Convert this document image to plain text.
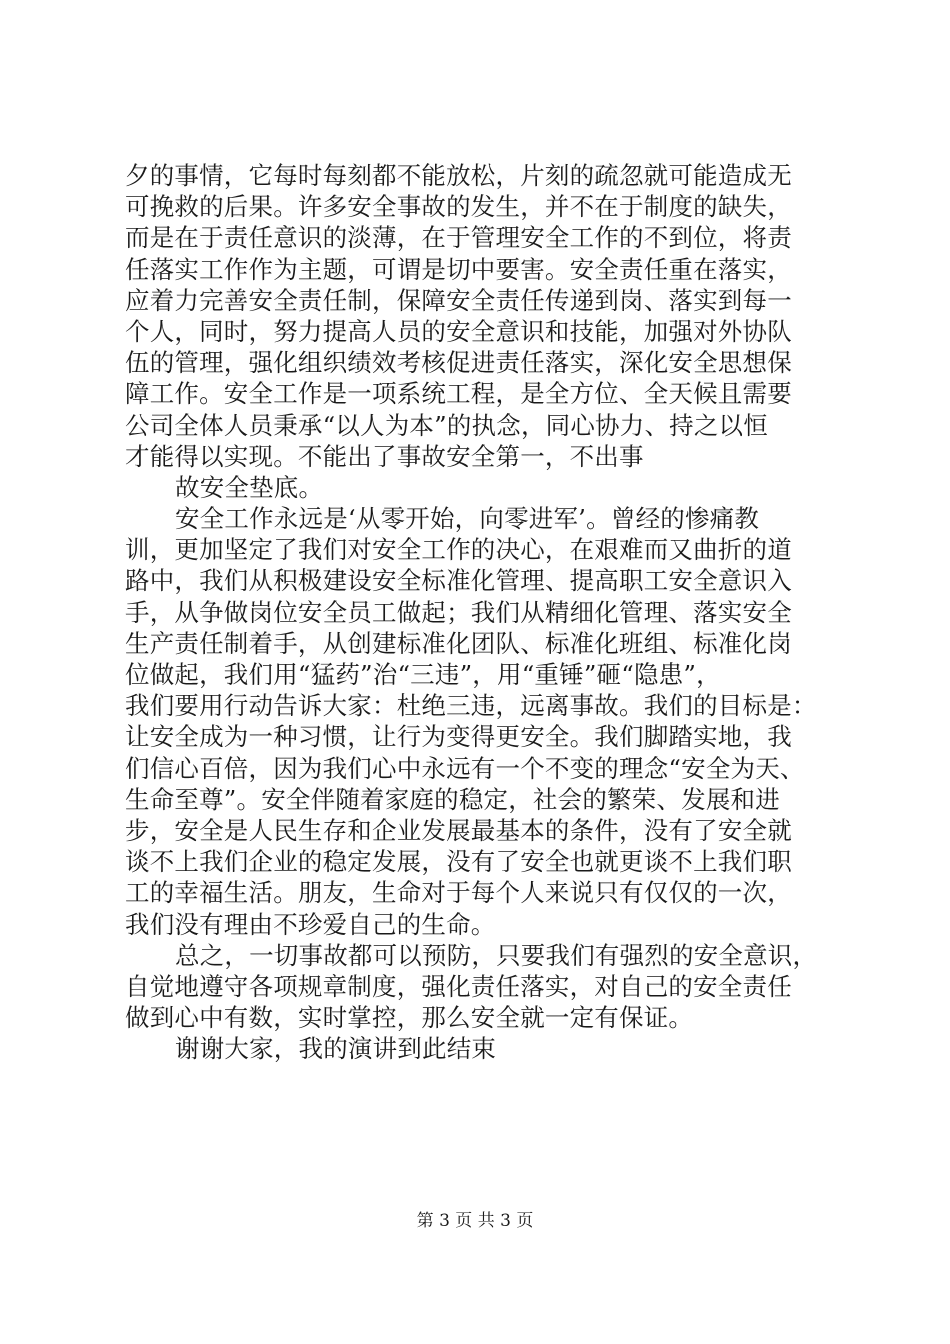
夕的事情，它每时每刻都不能放松，片刻的疏忽就可能造成无
可挽救的后果。许多安全事故的发生，并不在于制度的缺失，
而是在于责任意识的淡薄，在于管理安全工作的不到位，将责
任落实工作作为主题，可谓是切中要害。安全责任重在落实，
应着力完善安全责任制，保障安全责任传递到岗、落实到每一
个人，同时，努力提高人员的安全意识和技能，加强对外协队
伍的管理，强化组织绩效考核促进责任落实，深化安全思想保
障工作。安全工作是一项系统工程，是全方位、全天候且需要
公司全体人员秉承“以人为本”的执念，同心协力、持之以恒
才能得以实现。不能出了事故安全第一，不出事
故安全垫底。
安全工作永远是‘从零开始，向零进军’。曾经的惨痛教
训，更加坚定了我们对安全工作的决心，在艰难而又曲折的道
路中，我们从积极建设安全标准化管理、提高职工安全意识入
手，从争做岗位安全员工做起；我们从精细化管理、落实安全
生产责任制着手，从创建标准化团队、标准化班组、标准化岗
位做起，我们用“猛药”治“三违”，用“重锤”砸“隐患”，
我们要用行动告诉大家：杜绝三违，远离事故。我们的目标是：
让安全成为一种习惯，让行为变得更安全。我们脚踏实地，我
们信心百倍，因为我们心中永远有一个不变的理念“安全为天、
生命至尊”。安全伴随着家庭的稳定，社会的繁荣、发展和进
步，安全是人民生存和企业发展最基本的条件，没有了安全就
谈不上我们企业的稳定发展，没有了安全也就更谈不上我们职
工的幸福生活。朋友，生命对于每个人来说只有仅仅的一次，
我们没有理由不珍爱自己的生命。
总之，一切事故都可以预防，只要我们有强烈的安全意识，
自觉地遵守各项规章制度，强化责任落实，对自己的安全责任
做到心中有数，实时掌控，那么安全就一定有保证。
谢谢大家，我的演讲到此结束
第 3 页 共 3 页
